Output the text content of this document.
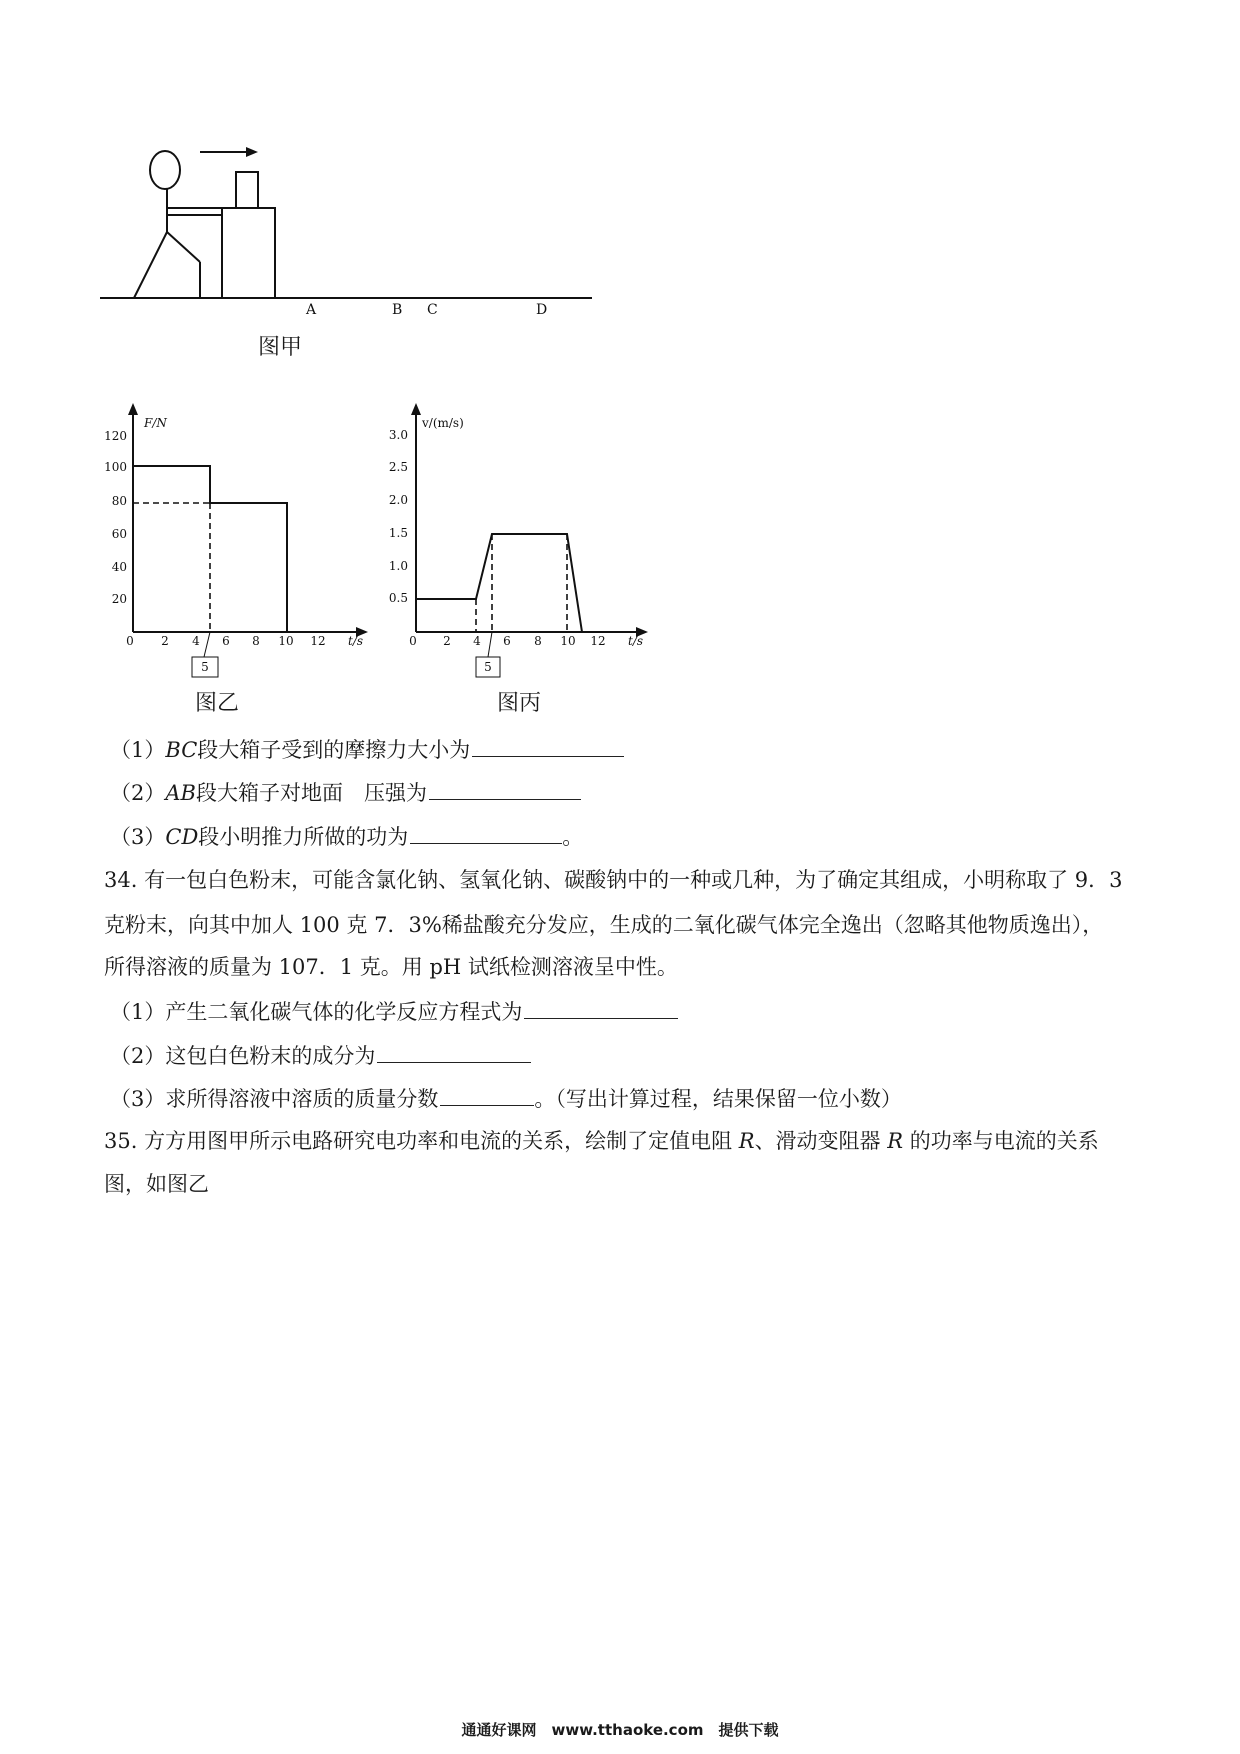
A	B C	D
图甲
F/N
t/s
120
100
80
60
40
20
0 2 4 6 8 10 12
5
图乙
v/(m/s)
t/s
3.0
2.5
2.0
1.5
1.0
0.5
0 2 4 6 8 10 12
5
图丙
（1）BC段大箱子受到的摩擦力大小为
（2）AB段大箱子对地面　压强为
（3）CD段小明推力所做的功为	。
34. 有一包白色粉末，可能含氯化钠、氢氧化钠、碳酸钠中的一种或几种，为了确定其组成，小明称取了 9．3
克粉末，向其中加人 100 克 7．3%稀盐酸充分发应，生成的二氧化碳气体完全逸出（忽略其他物质逸出），
所得溶液的质量为 107．1 克。用 pH 试纸检测溶液呈中性。
（1）产生二氧化碳气体的化学反应方程式为
（2）这包白色粉末的成分为
（3）求所得溶液中溶质的质量分数	。（写出计算过程，结果保留一位小数）
35. 方方用图甲所示电路研究电功率和电流的关系，绘制了定值电阻 R、滑动变阻器 R 的功率与电流的关系
图，如图乙
通通好课网　www.tthaoke.com　提供下载
